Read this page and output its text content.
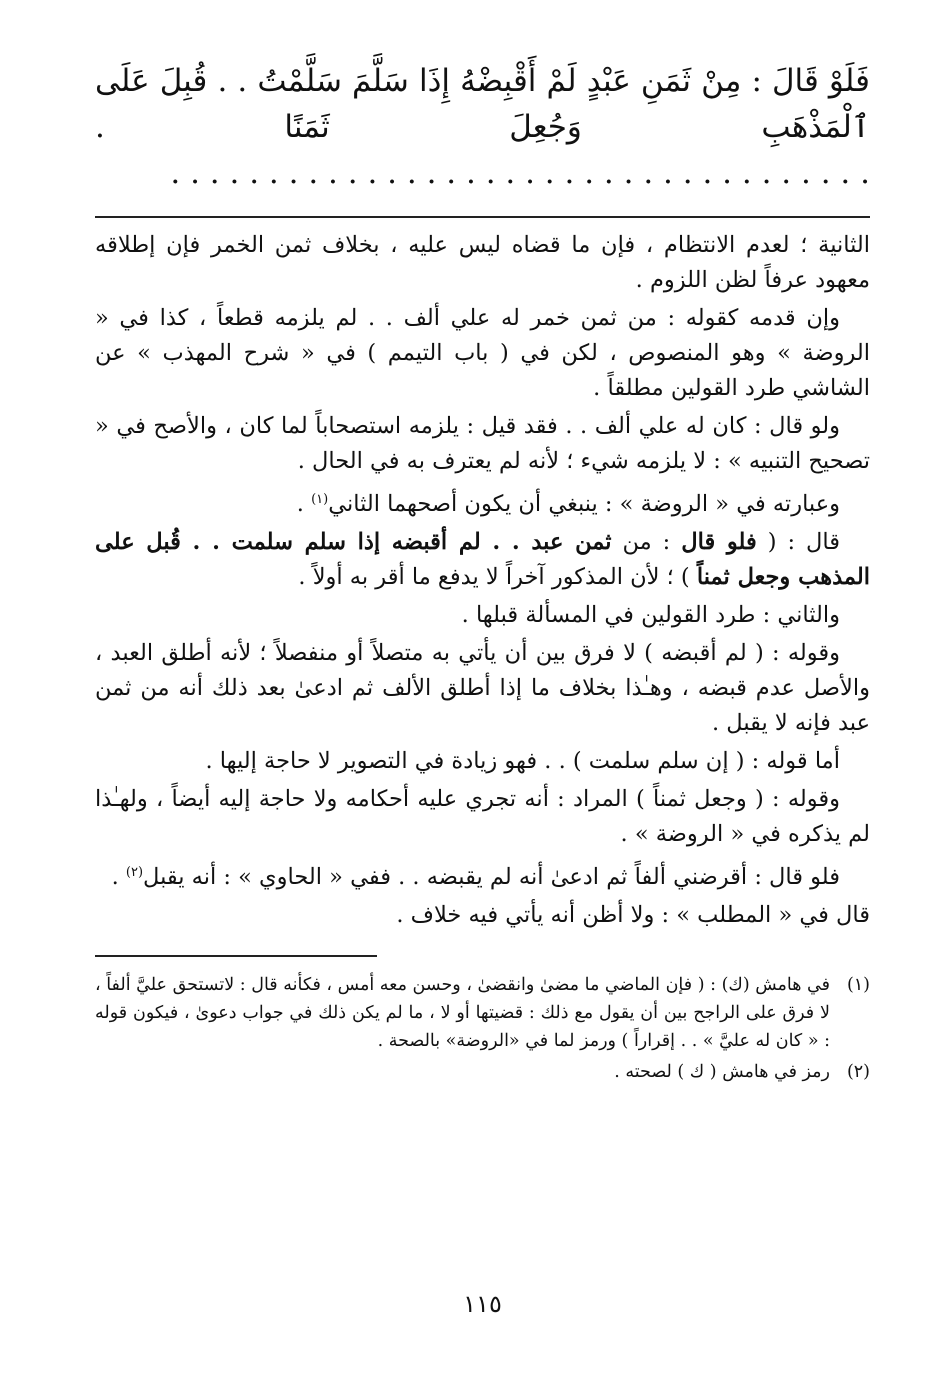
فَلَوْ قَالَ : مِنْ ثَمَنِ عَبْدٍ لَمْ أَقْبِضْهُ إِذَا سَلَّمَ سَلَّمْتُ . . قُبِلَ عَلَى ٱلْمَذْهَبِ وَجُعِلَ ثَمَنًا . . . . . . . . . . . . . . . . . . . . . . . . . . . . . . . . . . . . .

الثانية ؛ لعدم الانتظام ، فإن ما قضاه ليس عليه ، بخلاف ثمن الخمر فإن إطلاقه معهود عرفاً لظن اللزوم .

وإن قدمه كقوله : من ثمن خمر له علي ألف . . لم يلزمه قطعاً ، كذا في « الروضة » وهو المنصوص ، لكن في ( باب التيمم ) في « شرح المهذب » عن الشاشي طرد القولين مطلقاً .

ولو قال : كان له علي ألف . . فقد قيل : يلزمه استصحاباً لما كان ، والأصح في « تصحيح التنبيه » : لا يلزمه شيء ؛ لأنه لم يعترف به في الحال .

وعبارته في « الروضة » : ينبغي أن يكون أصحهما الثاني$^{(١)}$ .

قال : ( فلو قال : من ثمن عبد . . لم أقبضه إذا سلم سلمت . . قُبل على المذهب وجعل ثمناً ) ؛ لأن المذكور آخراً لا يدفع ما أقر به أولاً .

والثاني : طرد القولين في المسألة قبلها .

وقوله : ( لم أقبضه ) لا فرق بين أن يأتي به متصلاً أو منفصلاً ؛ لأنه أطلق العبد ، والأصل عدم قبضه ، وهـٰذا بخلاف ما إذا أطلق الألف ثم ادعىٰ بعد ذلك أنه من ثمن عبد فإنه لا يقبل .

أما قوله : ( إن سلم سلمت ) . . فهو زيادة في التصوير لا حاجة إليها .

وقوله : ( وجعل ثمناً ) المراد : أنه تجري عليه أحكامه ولا حاجة إليه أيضاً ، ولهـٰذا لم يذكره في « الروضة » .

فلو قال : أقرضني ألفاً ثم ادعىٰ أنه لم يقبضه . . ففي « الحاوي » : أنه يقبل$^{(٢)}$ .

قال في « المطلب » : ولا أظن أنه يأتي فيه خلاف .

(١)
في هامش (ك) : ( فإن الماضي ما مضىٰ وانقضىٰ ، وحسن معه أمس ، فكأنه قال : لاتستحق عليَّ ألفاً ، لا فرق على الراجح بين أن يقول مع ذلك : قضيتها أو لا ، ما لم يكن ذلك في جواب دعوىٰ ، فيكون قوله : « كان له عليَّ » . . إقراراً ) ورمز لما في «الروضة» بالصحة .
(٢)
رمز في هامش ( ك ) لصحته .
١١٥
